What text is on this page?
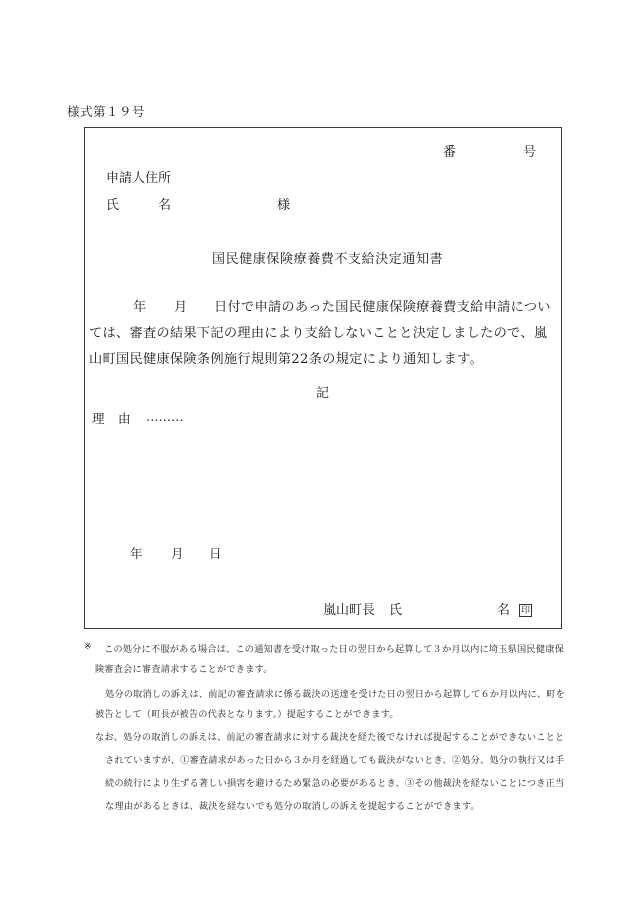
様式第１９号
番	号
申請人住所
氏	名	様
国民健康保険療養費不支給決定通知書
年 月 日付で申請のあった国民健康保険療養費支給申請につい
ては、審査の結果下記の理由により支給しないことと決定しましたので、嵐
山町国民健康保険条例施行規則第22条の規定により通知します。
記
理 由 ………
年 月 日
嵐山町長 氏	名 印
※ この処分に不服がある場合は、この通知書を受け取った日の翌日から起算して３か月以内に埼玉県国民健康保
険審査会に審査請求することができます。
処分の取消しの訴えは、前記の審査請求に係る裁決の送達を受けた日の翌日から起算して６か月以内に、町を
被告として（町長が被告の代表となります。）提起することができます。
なお、処分の取消しの訴えは、前記の審査請求に対する裁決を経た後でなければ提起することができないことと
されていますが、①審査請求があった日から３か月を経過しても裁決がないとき、②処分、処分の執行又は手
続の続行により生ずる著しい損害を避けるため緊急の必要があるとき、③その他裁決を経ないことにつき正当
な理由があるときは、裁決を経ないでも処分の取消しの訴えを提起することができます。
